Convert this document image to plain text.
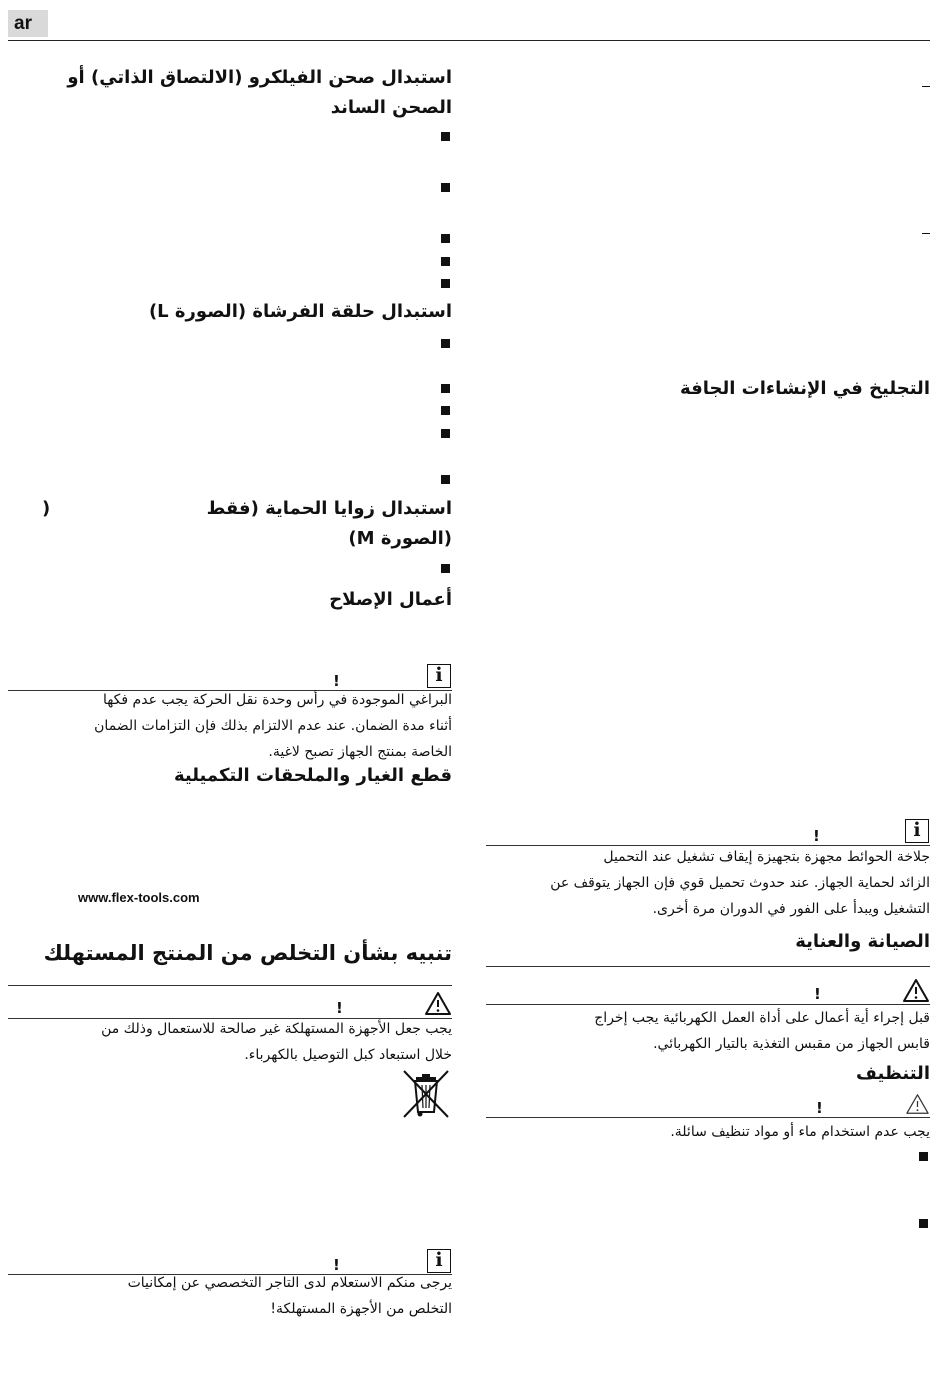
ar
استبدال صحن الفيلكرو (الالتصاق الذاتي) أو
الصحن الساند
استبدال حلقة الفرشاة (الصورة L)
استبدال زوايا الحماية (فقط
)
(الصورة M)
أعمال الإصلاح
i
!
البراغي الموجودة في رأس وحدة نقل الحركة يجب عدم فكها
أثناء مدة الضمان. عند عدم الالتزام بذلك فإن التزامات الضمان
الخاصة بمنتج الجهاز تصبح لاغية.
قطع الغيار والملحقات التكميلية
www.flex-tools.com
تنبيه بشأن التخلص من المنتج المستهلك
!
يجب جعل الأجهزة المستهلكة غير صالحة للاستعمال وذلك من
خلال استبعاد كبل التوصيل بالكهرباء.
i
!
يرجى منكم الاستعلام لدى التاجر التخصصي عن إمكانيات
التخلص من الأجهزة المستهلكة!
التجليخ في الإنشاءات الجافة
i
!
جلاخة الحوائط مجهزة بتجهيزة إيقاف تشغيل عند التحميل
الزائد لحماية الجهاز. عند حدوث تحميل قوي فإن الجهاز يتوقف عن
التشغيل ويبدأ على الفور في الدوران مرة أخرى.
الصيانة والعناية
!
قبل إجراء أية أعمال على أداة العمل الكهربائية يجب إخراج
قابس الجهاز من مقبس التغذية بالتيار الكهربائي.
التنظيف
!
يجب عدم استخدام ماء أو مواد تنظيف سائلة.
